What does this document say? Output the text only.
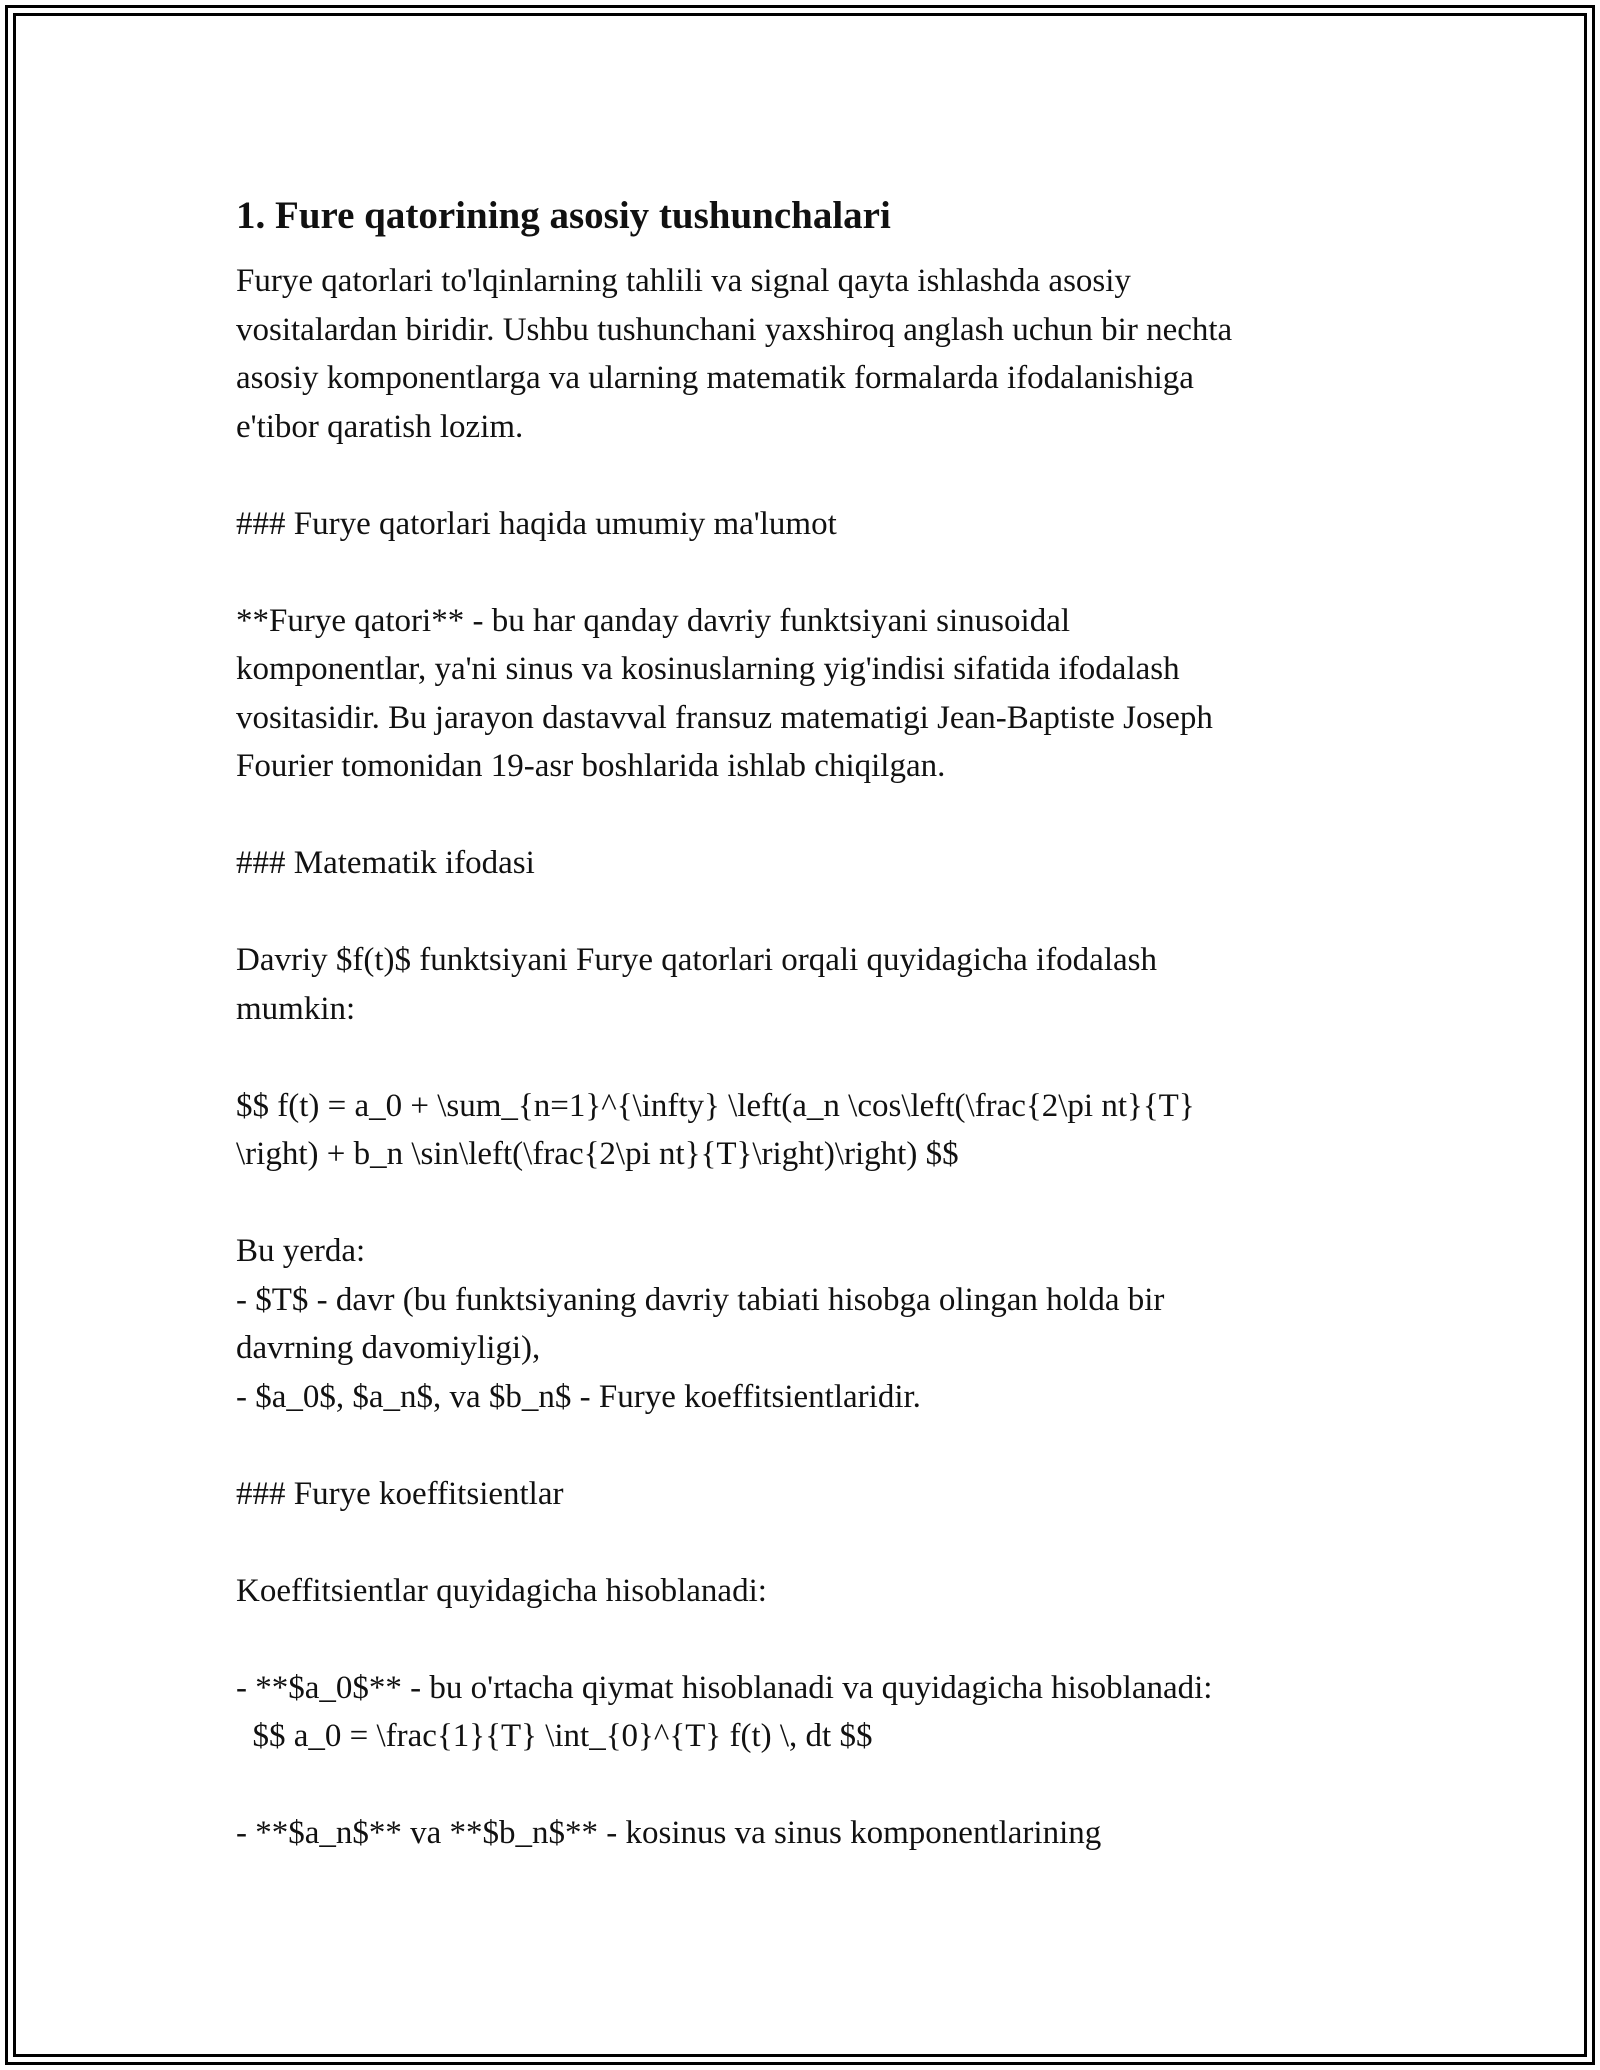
1. Fure qatorining asosiy tushunchalari
Furye qatorlari to'lqinlarning tahlili va signal qayta ishlashda asosiy
vositalardan biridir. Ushbu tushunchani yaxshiroq anglash uchun bir nechta
asosiy komponentlarga va ularning matematik formalarda ifodalanishiga
e'tibor qaratish lozim.
### Furye qatorlari haqida umumiy ma'lumot
**Furye qatori** - bu har qanday davriy funktsiyani sinusoidal
komponentlar, ya'ni sinus va kosinuslarning yig'indisi sifatida ifodalash
vositasidir. Bu jarayon dastavval fransuz matematigi Jean-Baptiste Joseph
Fourier tomonidan 19-asr boshlarida ishlab chiqilgan.
### Matematik ifodasi
Davriy $f(t)$ funktsiyani Furye qatorlari orqali quyidagicha ifodalash
mumkin:
$$ f(t) = a_0 + \sum_{n=1}^{\infty} \left(a_n \cos\left(\frac{2\pi nt}{T}
\right) + b_n \sin\left(\frac{2\pi nt}{T}\right)\right) $$
Bu yerda:
- $T$ - davr (bu funktsiyaning davriy tabiati hisobga olingan holda bir
davrning davomiyligi),
- $a_0$, $a_n$, va $b_n$ - Furye koeffitsientlaridir.
### Furye koeffitsientlar
Koeffitsientlar quyidagicha hisoblanadi:
- **$a_0$** - bu o'rtacha qiymat hisoblanadi va quyidagicha hisoblanadi:
$$ a_0 = \frac{1}{T} \int_{0}^{T} f(t) \, dt $$
- **$a_n$** va **$b_n$** - kosinus va sinus komponentlarining
